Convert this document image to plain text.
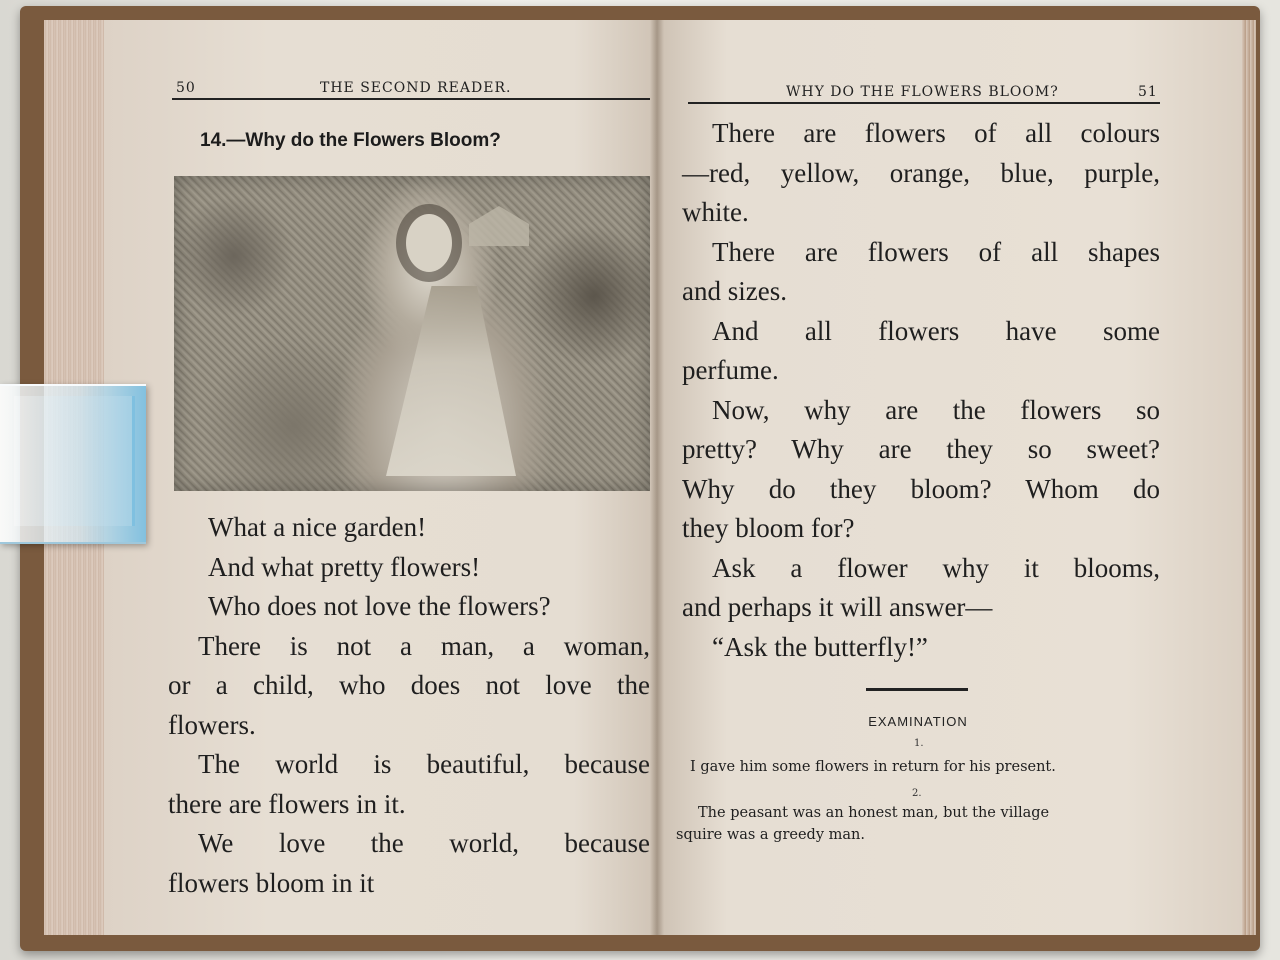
50	THE SECOND READER.
14.—Why do the Flowers Bloom?

What a nice garden!

And what pretty flowers!

Who does not love the flowers?

There is not a man, a woman,

or a child, who does not love the

flowers.

The world is beautiful, because

there are flowers in it.

We love the world, because

flowers bloom in it

WHY DO THE FLOWERS BLOOM?	51

There are flowers of all colours

—red, yellow, orange, blue, purple,

white.

There are flowers of all shapes

and sizes.

And all flowers have some

perfume.

Now, why are the flowers so

pretty? Why are they so sweet?

Why do they bloom? Whom do

they bloom for?

Ask a flower why it blooms,

and perhaps it will answer—

“Ask the butterfly!”

EXAMINATION
1.

I gave him some flowers in return for his present.

2.

The peasant was an honest man, but the village

squire was a greedy man.
